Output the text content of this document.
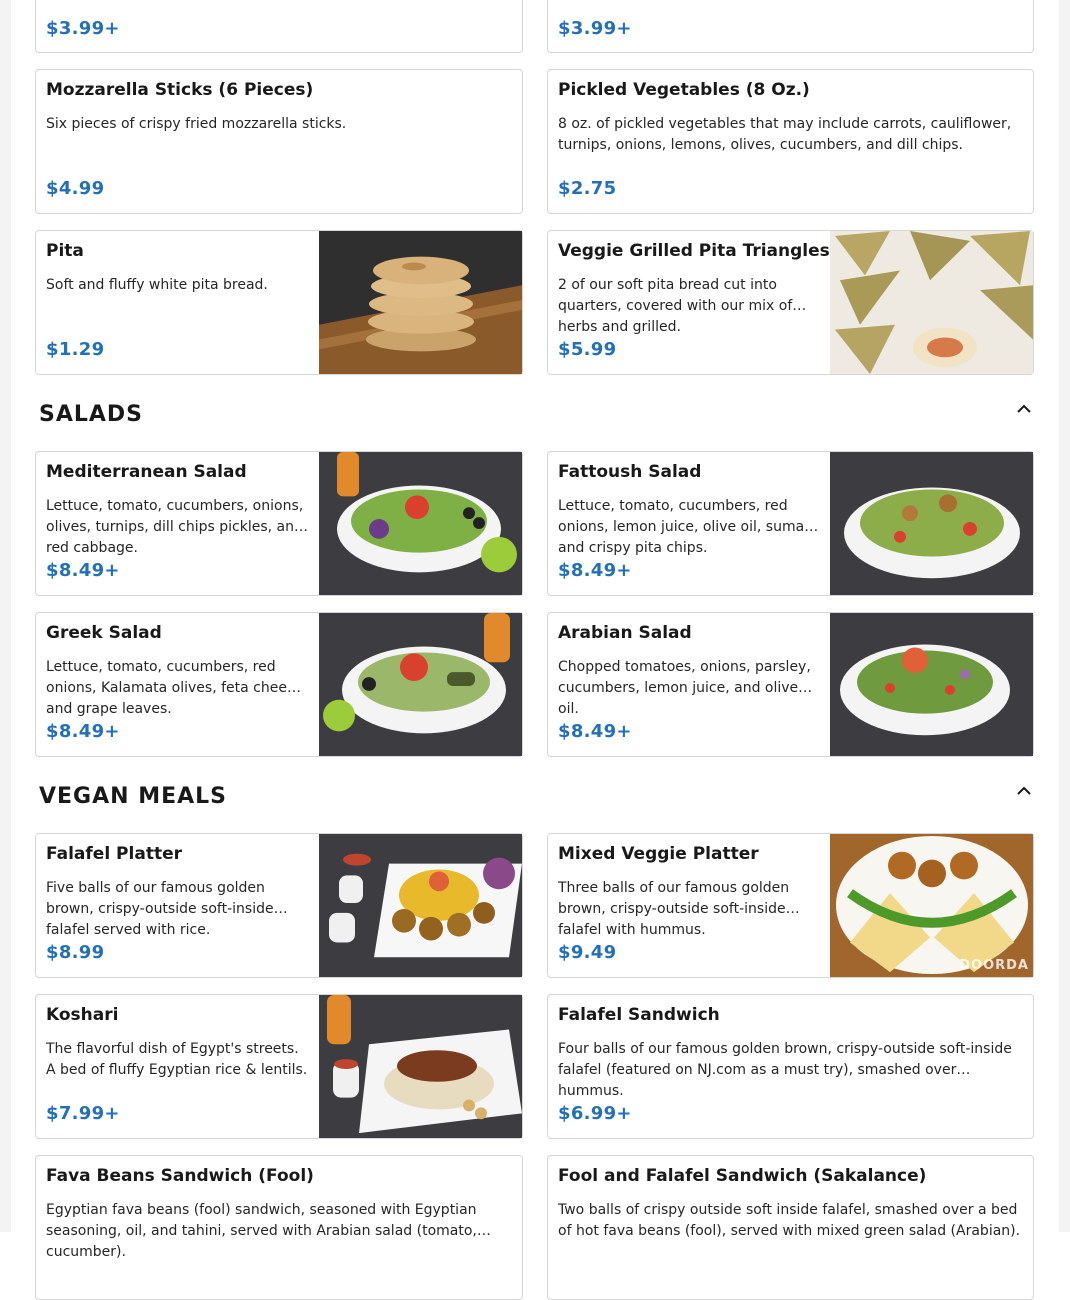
$3.99+	$3.99+
Mozzarella Sticks (6 Pieces)
Six pieces of crispy fried mozzarella sticks.
$4.99
Pickled Vegetables (8 Oz.)
8 oz. of pickled vegetables that may include carrots, cauliflower, turnips, onions, lemons, olives, cucumbers, and dill chips.
$2.75
Pita
Soft and fluffy white pita bread.
$1.29
Veggie Grilled Pita Triangles
2 of our soft pita bread cut into quarters, covered with our mix of herbs and grilled.
$5.99
SALADS
Mediterranean Salad
Lettuce, tomato, cucumbers, onions, olives, turnips, dill chips pickles, and red cabbage.
$8.49+
Fattoush Salad
Lettuce, tomato, cucumbers, red onions, lemon juice, olive oil, sumac and crispy pita chips.
$8.49+
Greek Salad
Lettuce, tomato, cucumbers, red onions, Kalamata olives, feta cheese and grape leaves.
$8.49+
Arabian Salad
Chopped tomatoes, onions, parsley, cucumbers, lemon juice, and olive oil.
$8.49+
VEGAN MEALS
Falafel Platter
Five balls of our famous golden brown, crispy-outside soft-inside falafel served with rice.
$8.99
Mixed Veggie Platter
Three balls of our famous golden brown, crispy-outside soft-inside falafel with hummus.
$9.49
DOORDA
Koshari
The flavorful dish of Egypt's streets. A bed of fluffy Egyptian rice & lentils.
$7.99+
Falafel Sandwich
Four balls of our famous golden brown, crispy-outside soft-inside falafel (featured on NJ.com as a must try), smashed over hummus.
$6.99+
Fava Beans Sandwich (Fool)
Egyptian fava beans (fool) sandwich, seasoned with Egyptian seasoning, oil, and tahini, served with Arabian salad (tomato, cucumber).
Fool and Falafel Sandwich (Sakalance)
Two balls of crispy outside soft inside falafel, smashed over a bed of hot fava beans (fool), served with mixed green salad (Arabian).
